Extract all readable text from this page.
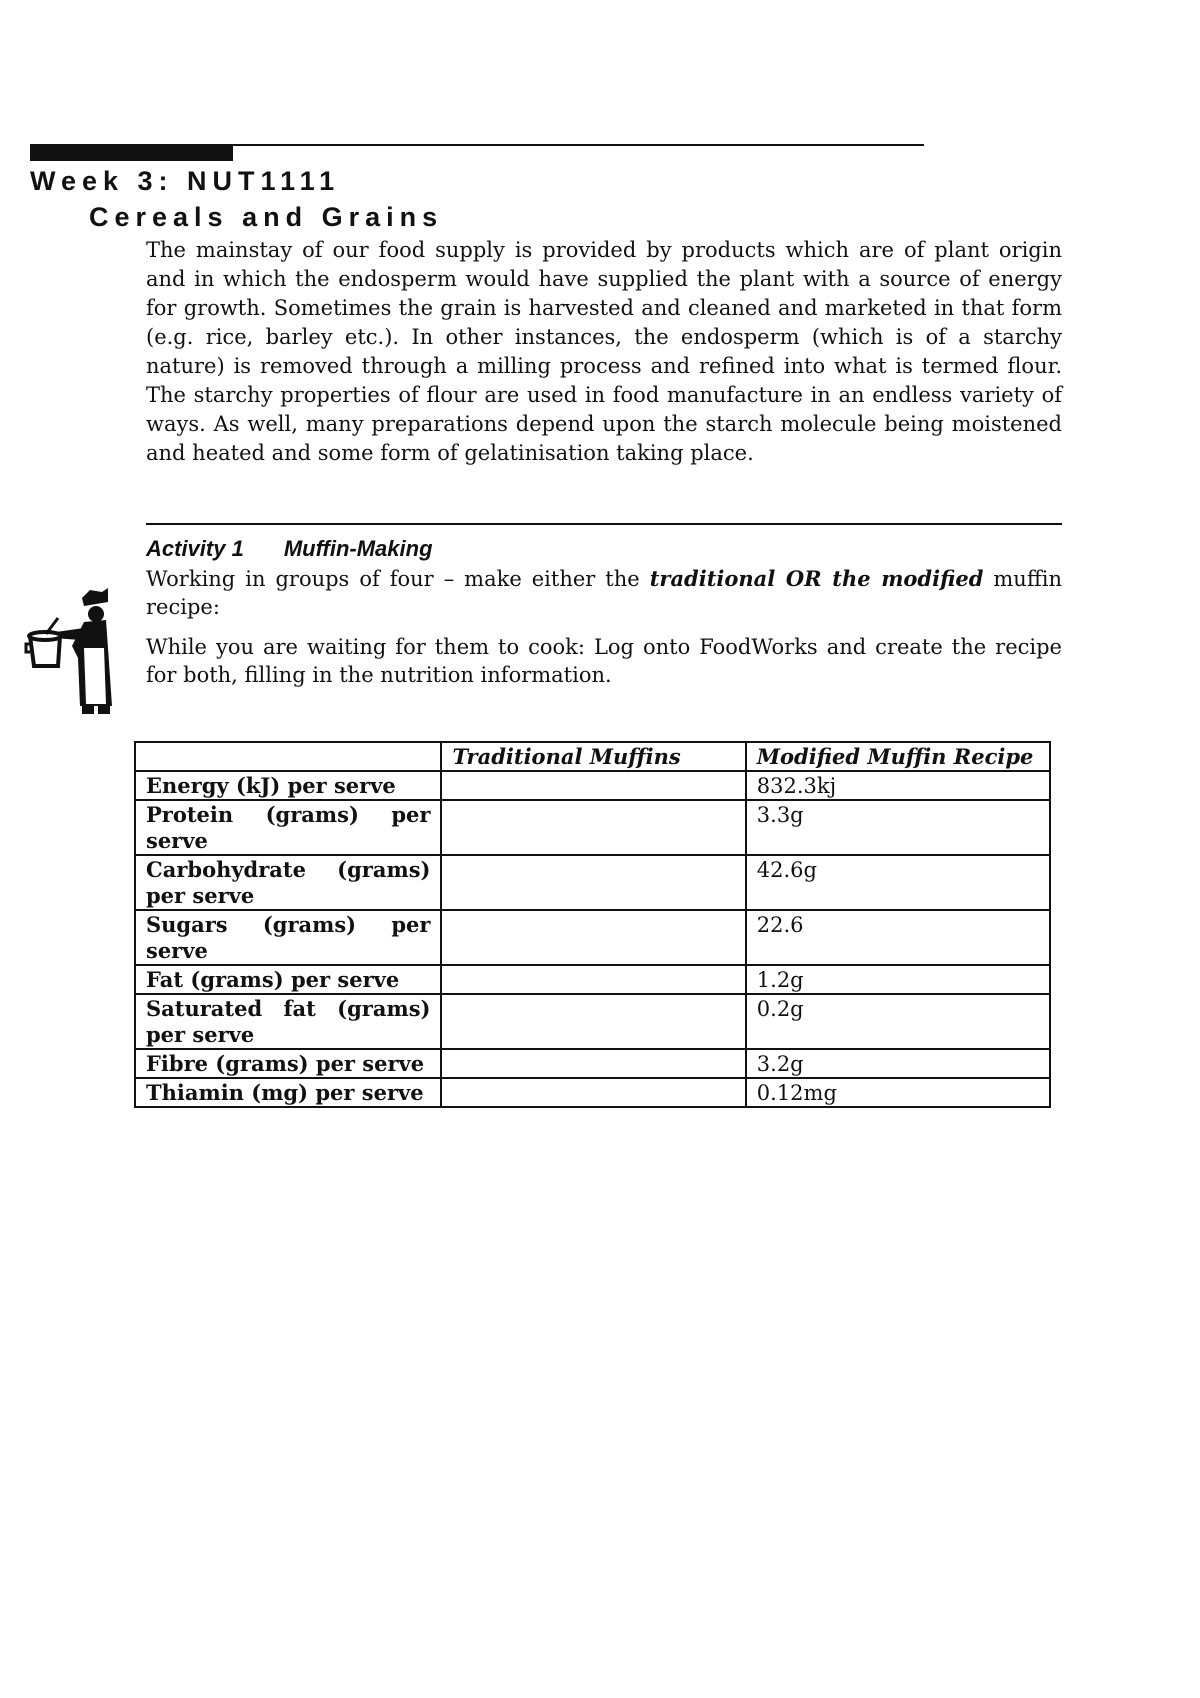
Week 3: NUT1111
Cereals and Grains

The mainstay of our food supply is provided by products which are of plant origin and in which the endosperm would have supplied the plant with a source of energy for growth. Sometimes the grain is harvested and cleaned and marketed in that form (e.g. rice, barley etc.). In other instances, the endosperm (which is of a starchy nature) is removed through a milling process and refined into what is termed flour. The starchy properties of flour are used in food manufacture in an endless variety of ways. As well, many preparations depend upon the starch molecule being moistened and heated and some form of gelatinisation taking place.

Activity 1 Muffin-Making

Working in groups of four – make either the traditional OR the modified muffin recipe:

While you are waiting for them to cook: Log onto FoodWorks and create the recipe for both, filling in the nutrition information.

	Traditional Muffins	Modified Muffin Recipe
Energy (kJ) per serve		832.3kj
Protein (grams) per serve		3.3g
Carbohydrate (grams) per serve		42.6g
Sugars (grams) per serve		22.6
Fat (grams) per serve		1.2g
Saturated fat (grams) per serve		0.2g
Fibre (grams) per serve		3.2g
Thiamin (mg) per serve		0.12mg
